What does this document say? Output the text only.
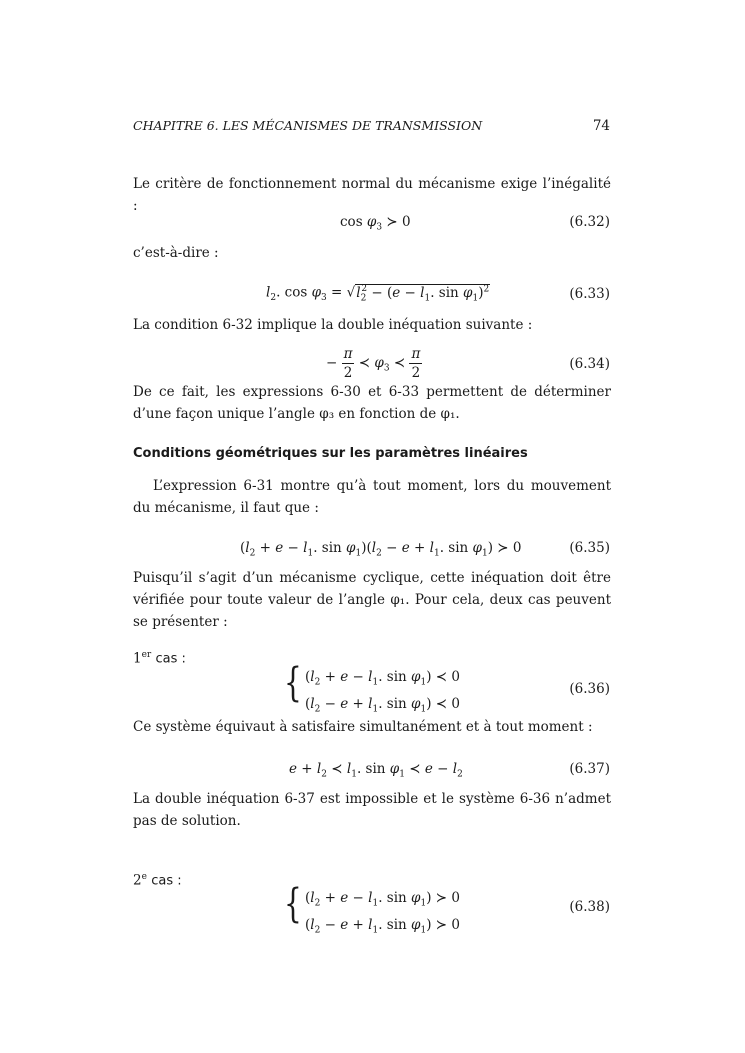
CHAPITRE 6. LES MÉCANISMES DE TRANSMISSION	74
Le critère de fonctionnement normal du mécanisme exige l’inégalité :
$\cos \varphi_3$ ≻ 0	(6.32)
c’est-à-dire :
$l_2$. $\cos \varphi_3 = √l_2^2 - (e - l_1$. $\sin \varphi_1)^2$	(6.33)
La condition 6-32 implique la double inéquation suivante :
− $\frac{\pi}{2}$ ≺ $\varphi_3$ ≺ $\frac{\pi}{2}$	(6.34)
De ce fait, les expressions 6-30 et 6-33 permettent de déterminer d’une façon unique l’angle φ₃ en fonction de φ₁.
Conditions géométriques sur les paramètres linéaires
L’expression 6-31 montre qu’à tout moment, lors du mouvement du mécanisme, il faut que :
($l_2 + e - l_1$. $\sin \varphi_1)(l_2 - e + l_1$. $\sin \varphi_1$) ≻ 0	(6.35)
Puisqu’il s’agit d’un mécanisme cyclique, cette inéquation doit être vérifiée pour toute valeur de l’angle φ₁. Pour cela, deux cas peuvent se présenter :
1er cas :
{ ($l_2 + e - l_1$. $\sin \varphi_1$) ≺ 0
($l_2 - e + l_1$. $\sin \varphi_1$) ≺ 0
(6.36)
Ce système équivaut à satisfaire simultanément et à tout moment :
$e + l_2$ ≺ $l_1$. $\sin \varphi_1$ ≺ $e - l_2$	(6.37)
La double inéquation 6-37 est impossible et le système 6-36 n’admet pas de solution.
2e cas :	{ ($l_2 + e - l_1$. $\sin \varphi_1$) ≻ 0
($l_2 - e + l_1$. $\sin \varphi_1$) ≻ 0
(6.38)
